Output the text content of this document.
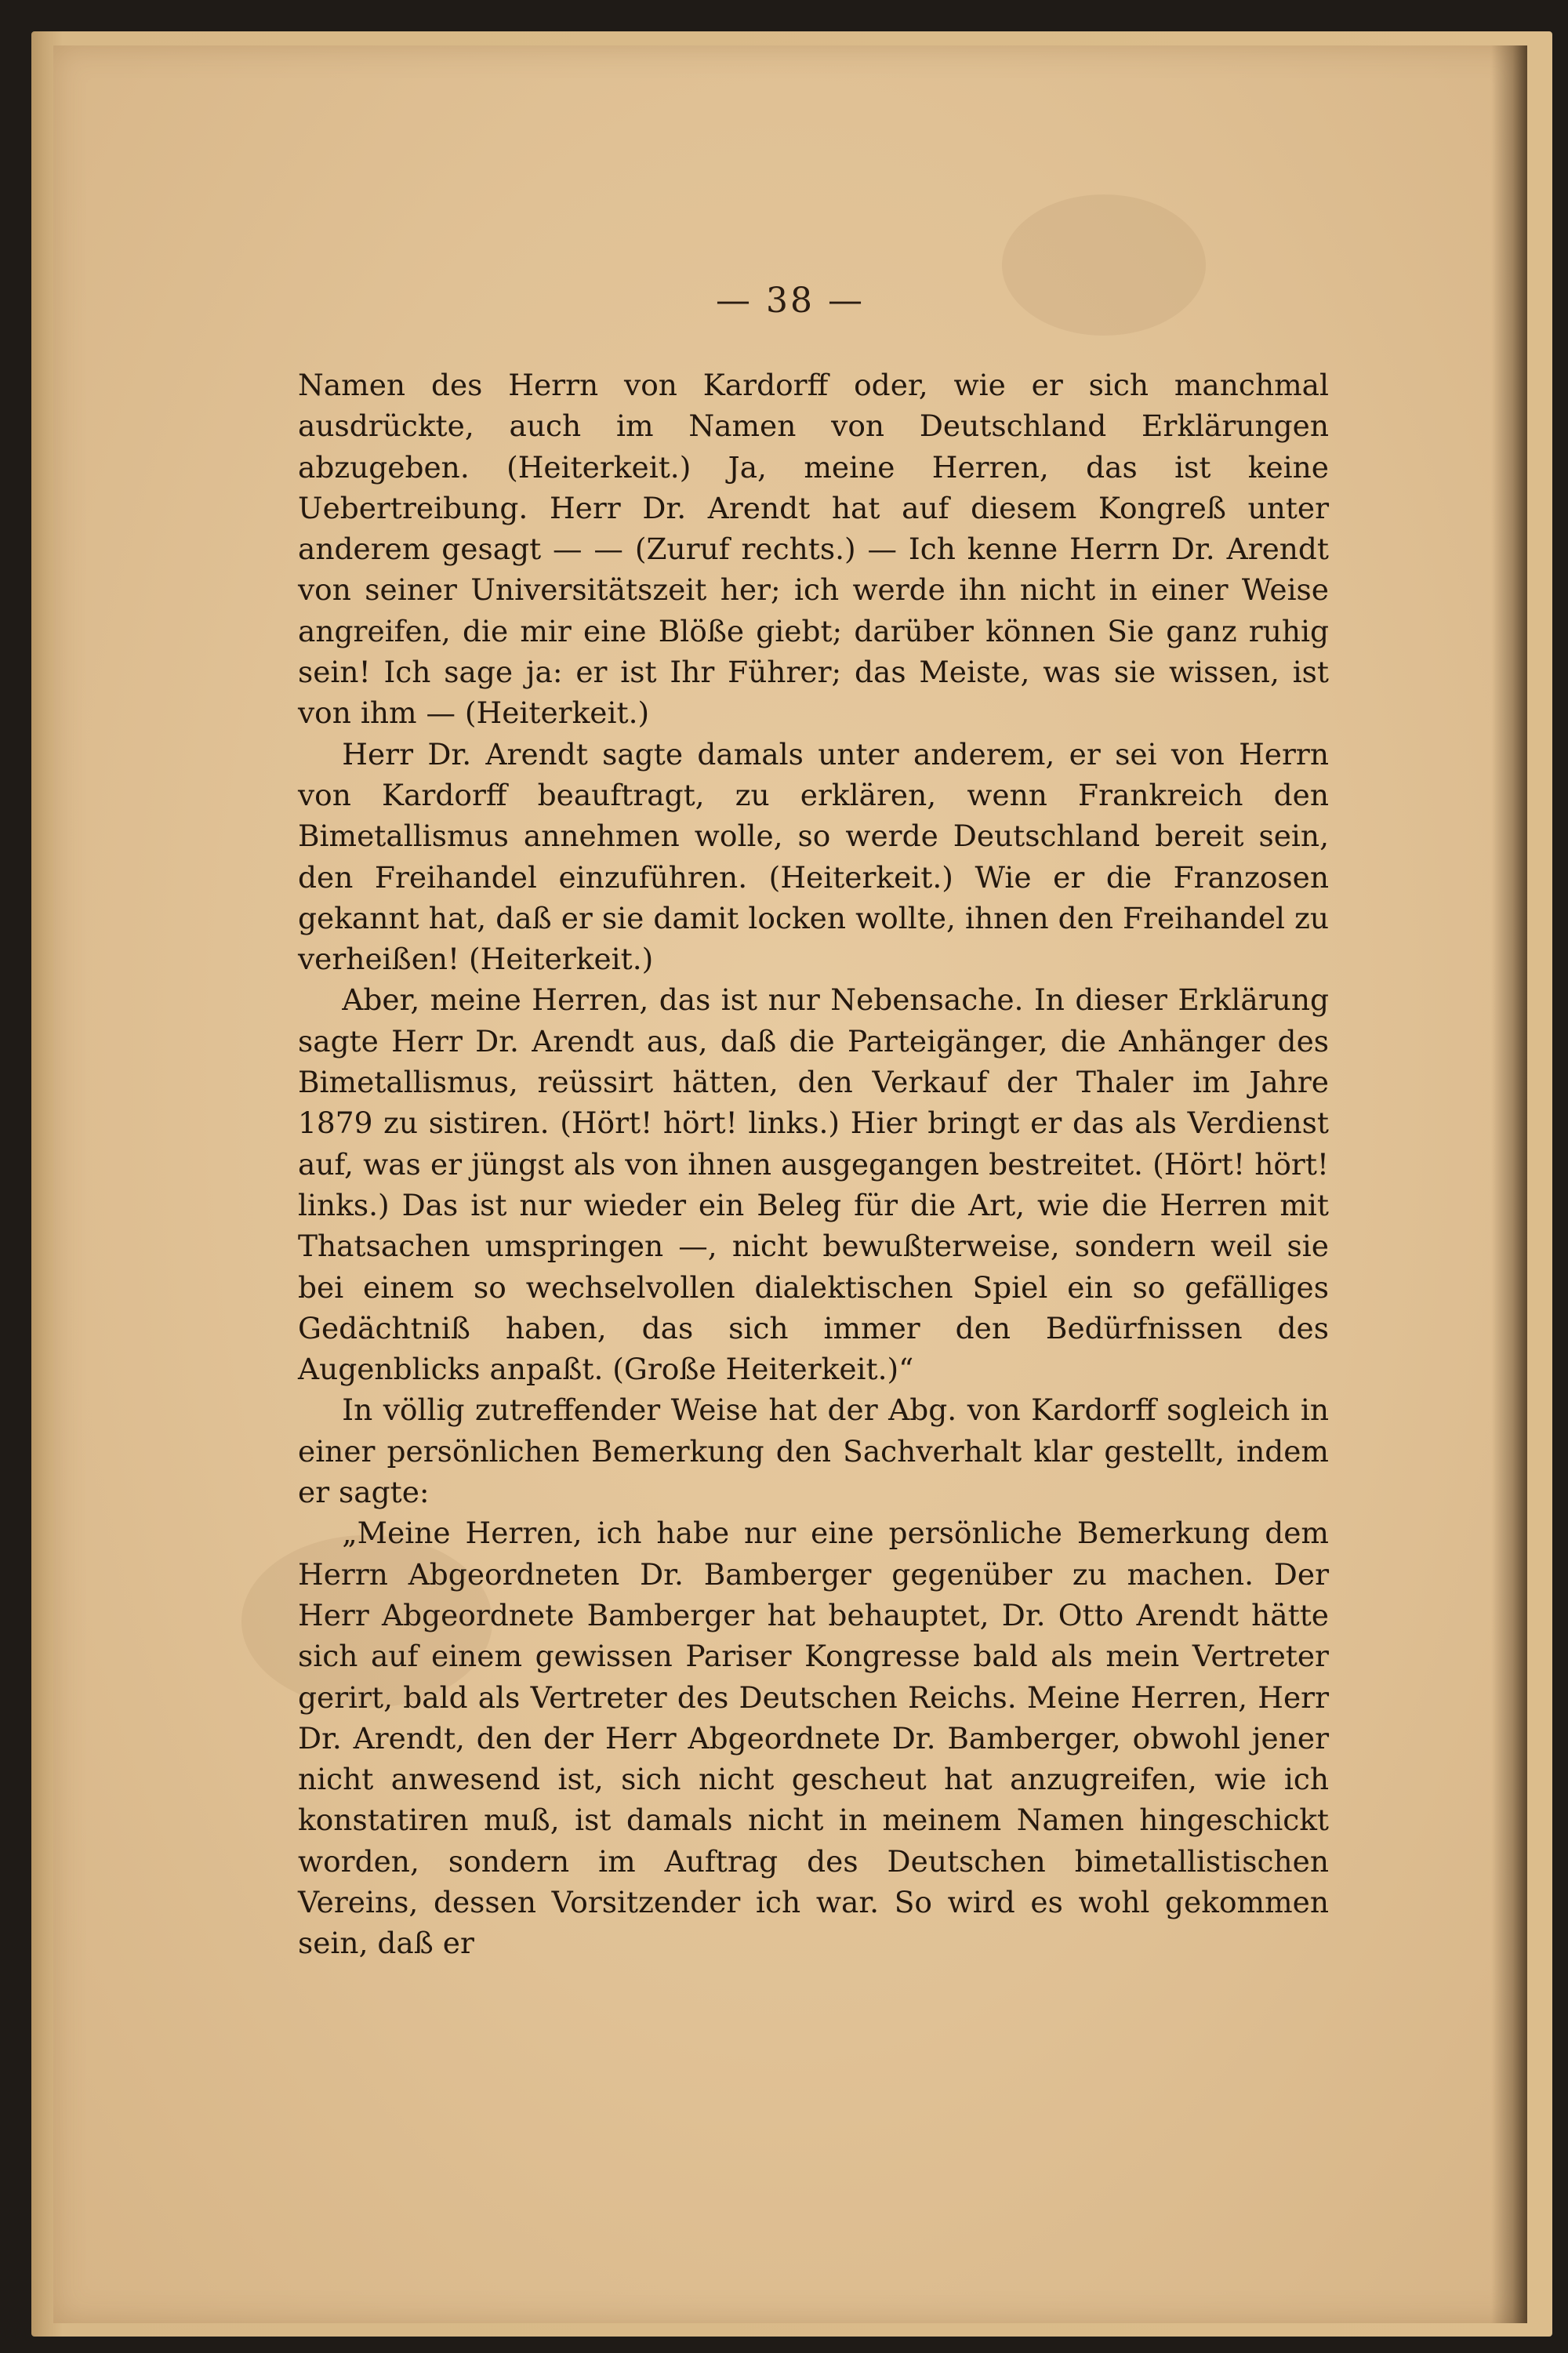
— 38 —

Namen des Herrn von Kardorff oder, wie er sich manchmal ausdrückte, auch im Namen von Deutschland Erklärungen abzugeben. (Heiterkeit.) Ja, meine Herren, das ist keine Uebertreibung. Herr Dr. Arendt hat auf diesem Kongreß unter anderem gesagt — — (Zuruf rechts.) — Ich kenne Herrn Dr. Arendt von seiner Universitätszeit her; ich werde ihn nicht in einer Weise angreifen, die mir eine Blöße giebt; darüber können Sie ganz ruhig sein! Ich sage ja: er ist Ihr Führer; das Meiste, was sie wissen, ist von ihm — (Heiterkeit.)

Herr Dr. Arendt sagte damals unter anderem, er sei von Herrn von Kardorff beauftragt, zu erklären, wenn Frankreich den Bimetallismus annehmen wolle, so werde Deutschland bereit sein, den Freihandel einzuführen. (Heiterkeit.) Wie er die Franzosen gekannt hat, daß er sie damit locken wollte, ihnen den Freihandel zu verheißen! (Heiterkeit.)

Aber, meine Herren, das ist nur Nebensache. In dieser Erklärung sagte Herr Dr. Arendt aus, daß die Parteigänger, die Anhänger des Bimetallismus, reüssirt hätten, den Verkauf der Thaler im Jahre 1879 zu sistiren. (Hört! hört! links.) Hier bringt er das als Verdienst auf, was er jüngst als von ihnen ausgegangen bestreitet. (Hört! hört! links.) Das ist nur wieder ein Beleg für die Art, wie die Herren mit Thatsachen umspringen —, nicht bewußterweise, sondern weil sie bei einem so wechselvollen dialektischen Spiel ein so gefälliges Gedächtniß haben, das sich immer den Bedürfnissen des Augenblicks anpaßt. (Große Heiterkeit.)“

In völlig zutreffender Weise hat der Abg. von Kardorff sogleich in einer persönlichen Bemerkung den Sachverhalt klar gestellt, indem er sagte:

„Meine Herren, ich habe nur eine persönliche Bemerkung dem Herrn Abgeordneten Dr. Bamberger gegenüber zu machen. Der Herr Abgeordnete Bamberger hat behauptet, Dr. Otto Arendt hätte sich auf einem gewissen Pariser Kongresse bald als mein Vertreter gerirt, bald als Vertreter des Deutschen Reichs. Meine Herren, Herr Dr. Arendt, den der Herr Abgeordnete Dr. Bamberger, obwohl jener nicht anwesend ist, sich nicht gescheut hat anzugreifen, wie ich konstatiren muß, ist damals nicht in meinem Namen hingeschickt worden, sondern im Auftrag des Deutschen bimetallistischen Vereins, dessen Vorsitzender ich war. So wird es wohl gekommen sein, daß er
